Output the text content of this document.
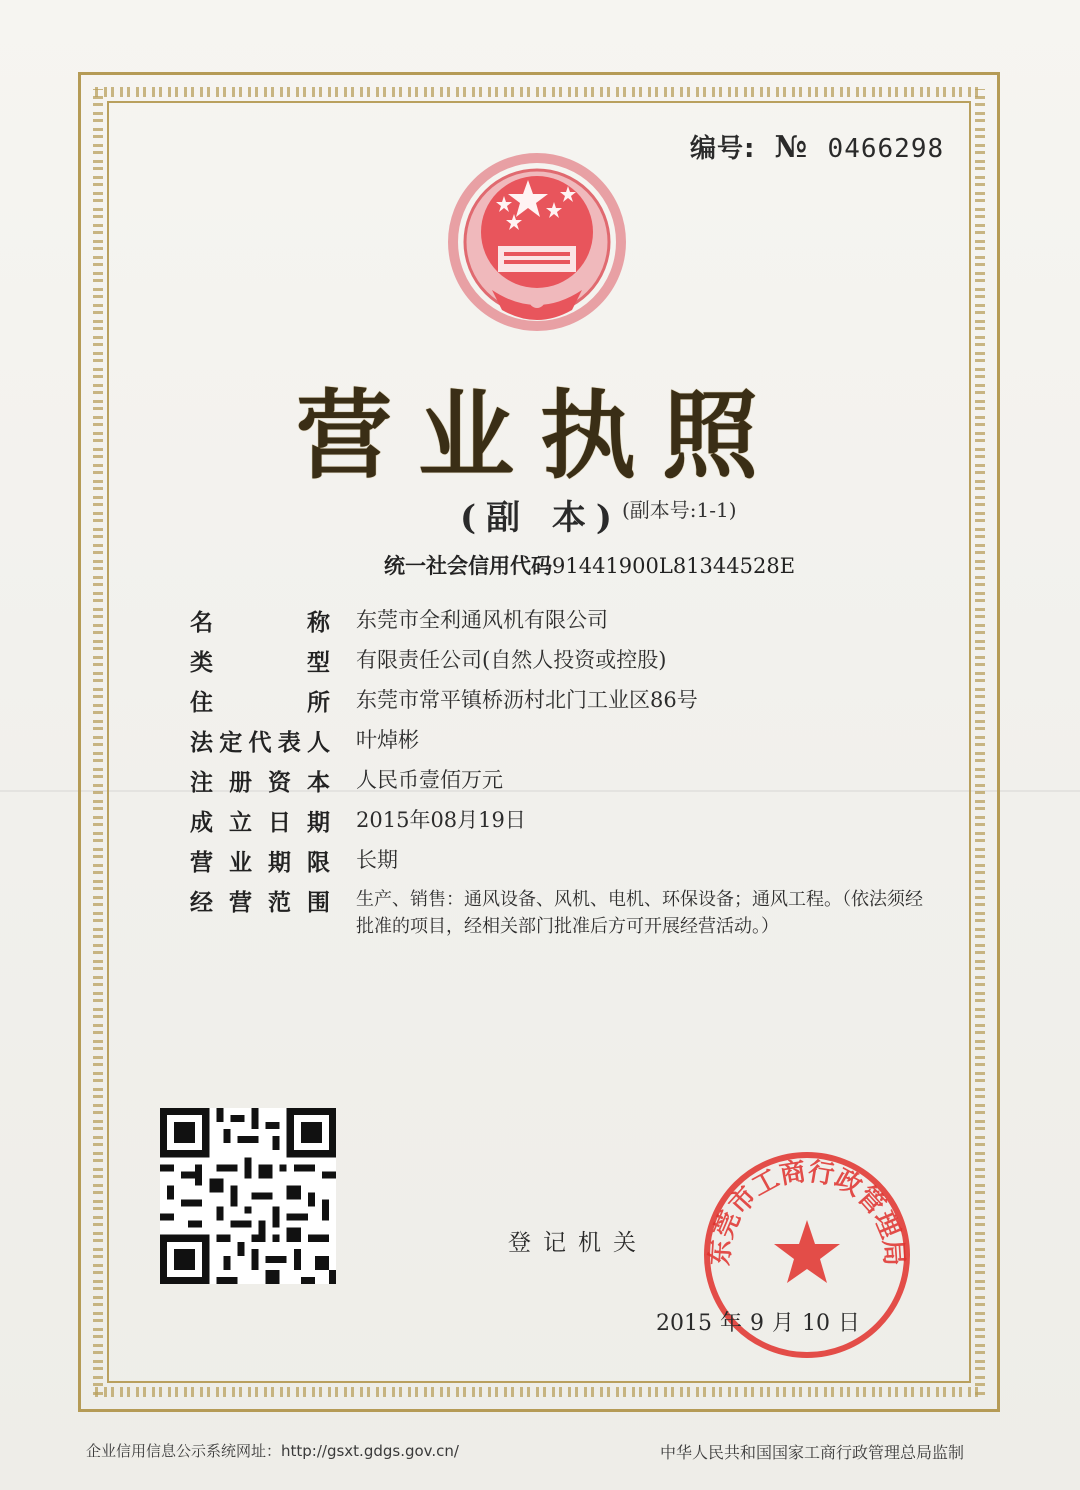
编号: № 0466298
营业执照
(副 本) (副本号:1-1)
统一社会信用代码91441900L81344528E
名	称 东莞市全利通风机有限公司
类	型 有限责任公司(自然人投资或控股)
住	所 东莞市常平镇桥沥村北门工业区86号
法 定 代 表 人 叶焯彬
注 册 资 本 人民币壹佰万元
成 立 日 期 2015年08月19日
营 业 期 限 长期
经 营 范 围 生产、销售：通风设备、风机、电机、环保设备；通风工程。（依法须经批准的项目，经相关部门批准后方可开展经营活动。）
登记机关 东莞市工商行政管理局
2015 年 9 月 10 日
企业信用信息公示系统网址：http://gsxt.gdgs.gov.cn/	中华人民共和国国家工商行政管理总局监制
